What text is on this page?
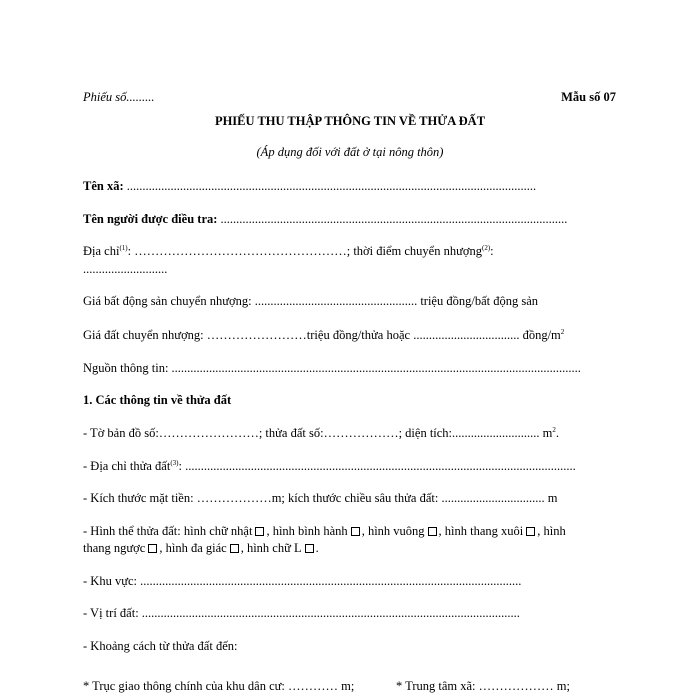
Phiếu số.........	Mẫu số 07
PHIẾU THU THẬP THÔNG TIN VỀ THỬA ĐẤT
(Áp dụng đối với đất ở tại nông thôn)
Tên xã: ...................................................................................................................................
Tên người được điều tra: ...............................................................................................................
Địa chỉ$^{(1)}$: ……………………………………………; thời điểm chuyển nhượng$^{(2)}$:
...........................
Giá bất động sản chuyển nhượng: .................................................... triệu đồng/bất động sản
Giá đất chuyển nhượng: ……………………triệu đồng/thửa hoặc .................................. đồng/$m^2$
Nguồn thông tin: ...................................................................................................................................
1. Các thông tin về thửa đất
- Tờ bản đồ số:……………………; thửa đất số:………………; diện tích:............................ $m^2$.
- Địa chỉ thửa đất$^{(3)}$: .............................................................................................................................
- Kích thước mặt tiền: ………………m; kích thước chiều sâu thửa đất: ................................. m
- Hình thể thửa đất: hình chữ nhật , hình bình hành , hình vuông , hình thang xuôi , hình
thang ngược , hình đa giác , hình chữ L .
- Khu vực: ..........................................................................................................................
- Vị trí đất: .........................................................................................................................
- Khoảng cách từ thửa đất đến:
* Trục giao thông chính của khu dân cư: ………… m;	* Trung tâm xã: ……………… m;
